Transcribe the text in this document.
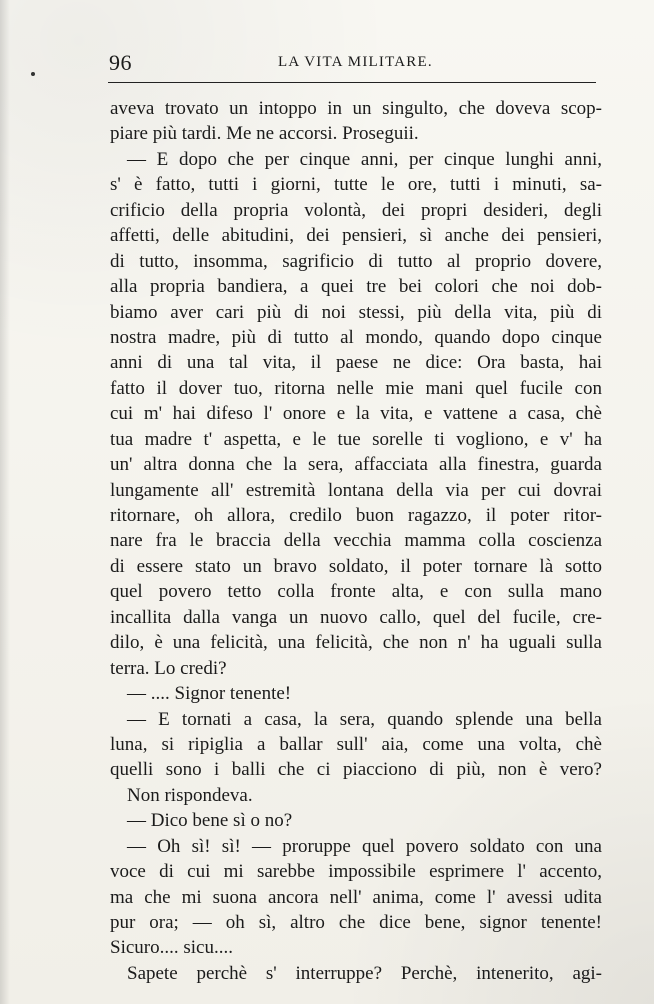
96	LA VITA MILITARE.
aveva trovato un intoppo in un singulto, che doveva scop-
piare più tardi. Me ne accorsi. Proseguii.
— E dopo che per cinque anni, per cinque lunghi anni,
s' è fatto, tutti i giorni, tutte le ore, tutti i minuti, sa-
crificio della propria volontà, dei propri desideri, degli
affetti, delle abitudini, dei pensieri, sì anche dei pensieri,
di tutto, insomma, sagrificio di tutto al proprio dovere,
alla propria bandiera, a quei tre bei colori che noi dob-
biamo aver cari più di noi stessi, più della vita, più di
nostra madre, più di tutto al mondo, quando dopo cinque
anni di una tal vita, il paese ne dice: Ora basta, hai
fatto il dover tuo, ritorna nelle mie mani quel fucile con
cui m' hai difeso l' onore e la vita, e vattene a casa, chè
tua madre t' aspetta, e le tue sorelle ti vogliono, e v' ha
un' altra donna che la sera, affacciata alla finestra, guarda
lungamente all' estremità lontana della via per cui dovrai
ritornare, oh allora, credilo buon ragazzo, il poter ritor-
nare fra le braccia della vecchia mamma colla coscienza
di essere stato un bravo soldato, il poter tornare là sotto
quel povero tetto colla fronte alta, e con sulla mano
incallita dalla vanga un nuovo callo, quel del fucile, cre-
dilo, è una felicità, una felicità, che non n' ha uguali sulla
terra. Lo credi?
— .... Signor tenente!
— E tornati a casa, la sera, quando splende una bella
luna, si ripiglia a ballar sull' aia, come una volta, chè
quelli sono i balli che ci piacciono di più, non è vero?
Non rispondeva.
— Dico bene sì o no?
— Oh sì! sì! — proruppe quel povero soldato con una
voce di cui mi sarebbe impossibile esprimere l' accento,
ma che mi suona ancora nell' anima, come l' avessi udita
pur ora; — oh sì, altro che dice bene, signor tenente!
Sicuro.... sicu....
Sapete perchè s' interruppe? Perchè, intenerito, agi-
